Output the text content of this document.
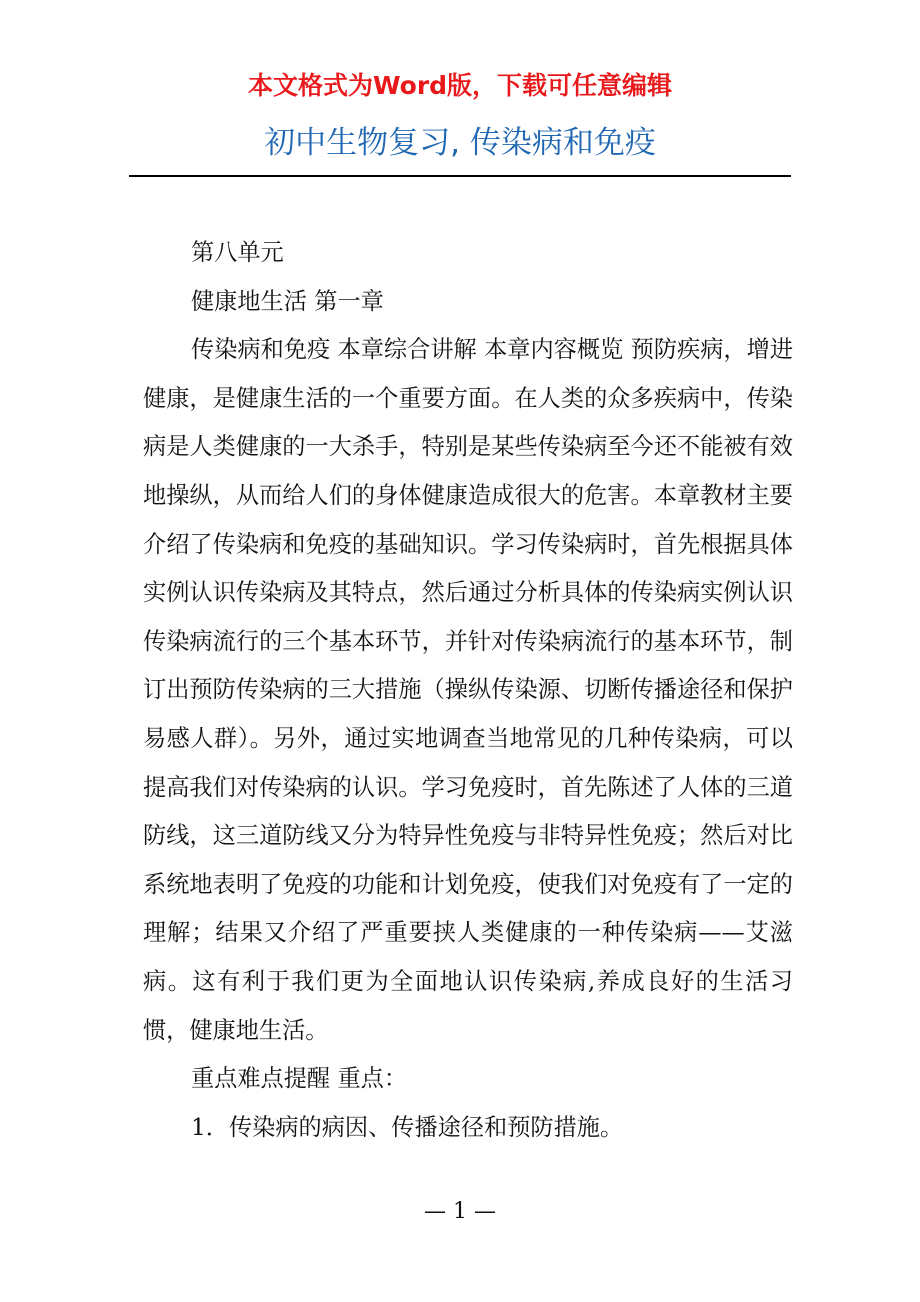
本文格式为Word版，下载可任意编辑
初中生物复习, 传染病和免疫

第八单元

健康地生活 第一章

传染病和免疫 本章综合讲解 本章内容概览 预防疾病，增进健康，是健康生活的一个重要方面。在人类的众多疾病中，传染病是人类健康的一大杀手，特别是某些传染病至今还不能被有效地操纵，从而给人们的身体健康造成很大的危害。本章教材主要介绍了传染病和免疫的基础知识。学习传染病时，首先根据具体实例认识传染病及其特点，然后通过分析具体的传染病实例认识传染病流行的三个基本环节，并针对传染病流行的基本环节，制订出预防传染病的三大措施（操纵传染源、切断传播途径和保护易感人群）。另外，通过实地调查当地常见的几种传染病，可以提高我们对传染病的认识。学习免疫时，首先陈述了人体的三道防线，这三道防线又分为特异性免疫与非特异性免疫；然后对比系统地表明了免疫的功能和计划免疫，使我们对免疫有了一定的理解；结果又介绍了严重要挟人类健康的一种传染病——艾滋病。这有利于我们更为全面地认识传染病,养成良好的生活习惯，健康地生活。

重点难点提醒 重点：

1．传染病的病因、传播途径和预防措施。

— 1 —
